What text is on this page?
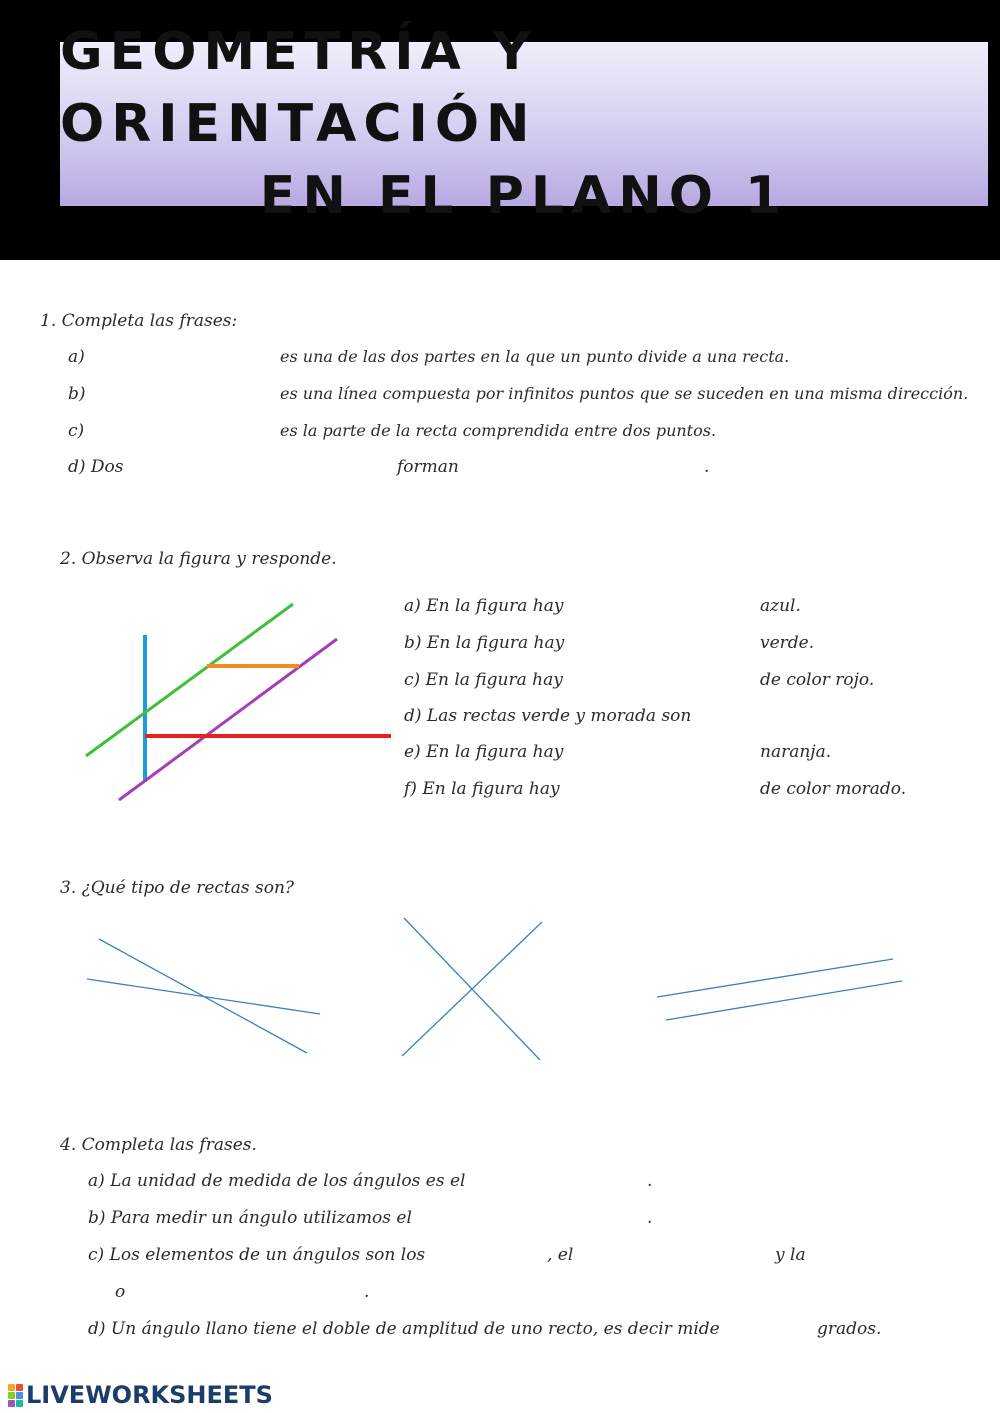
GEOMETRÍA Y ORIENTACIÓN
EN EL PLANO 1
1. Completa las frases:
a)	es una de las dos partes en la que un punto divide a una recta.
b)	es una línea compuesta por infinitos puntos que se suceden en una misma dirección.
c)	es la parte de la recta comprendida entre dos puntos.
d) Dos	forman	.
2. Observa la figura y responde.
a) En la figura hay	azul.
b) En la figura hay	verde.
c) En la figura hay	de color rojo.
d) Las rectas verde y morada son
e) En la figura hay	naranja.
f) En la figura hay	de color morado.
3. ¿Qué tipo de rectas son?
4. Completa las frases.
a) La unidad de medida de los ángulos es el	.
b) Para medir un ángulo utilizamos el	.
c) Los elementos de un ángulos son los	, el	y la
o	.
d) Un ángulo llano tiene el doble de amplitud de uno recto, es decir mide	grados.
LIVEWORKSHEETS
